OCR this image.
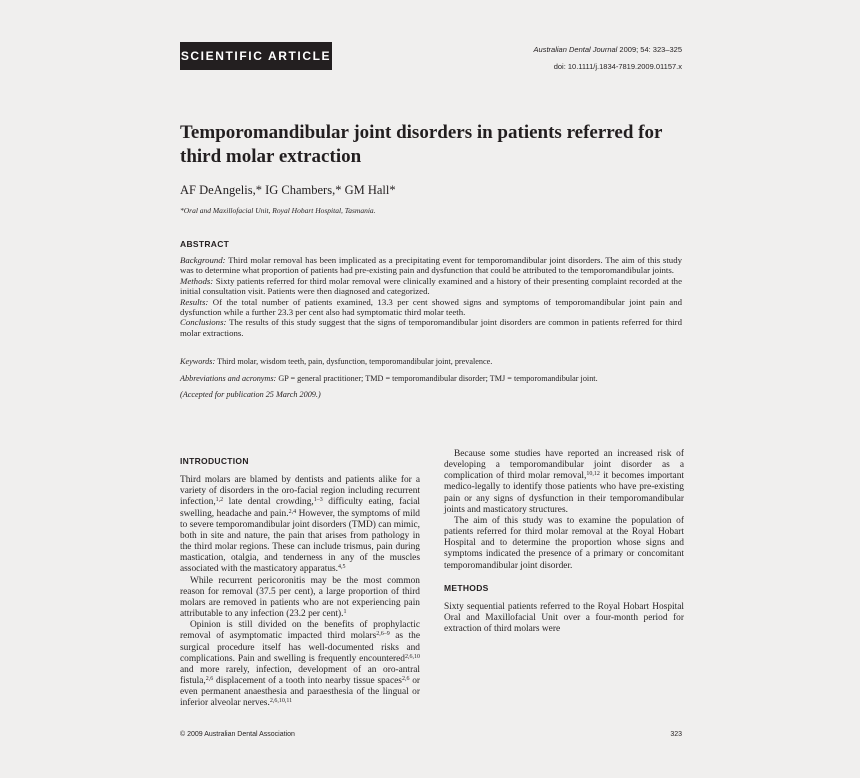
SCIENTIFIC ARTICLE	Australian Dental Journal 2009; 54: 323–325
doi: 10.1111/j.1834-7819.2009.01157.x
Temporomandibular joint disorders in patients referred for third molar extraction
AF DeAngelis,* IG Chambers,* GM Hall*
*Oral and Maxillofacial Unit, Royal Hobart Hospital, Tasmania.
ABSTRACT

Background: Third molar removal has been implicated as a precipitating event for temporomandibular joint disorders. The aim of this study was to determine what proportion of patients had pre-existing pain and dysfunction that could be attributed to the temporomandibular joints.

Methods: Sixty patients referred for third molar removal were clinically examined and a history of their presenting complaint recorded at the initial consultation visit. Patients were then diagnosed and categorized.

Results: Of the total number of patients examined, 13.3 per cent showed signs and symptoms of temporomandibular joint pain and dysfunction while a further 23.3 per cent also had symptomatic third molar teeth.

Conclusions: The results of this study suggest that the signs of temporomandibular joint disorders are common in patients referred for third molar extractions.

Keywords: Third molar, wisdom teeth, pain, dysfunction, temporomandibular joint, prevalence.
Abbreviations and acronyms: GP = general practitioner; TMD = temporomandibular disorder; TMJ = temporomandibular joint.
(Accepted for publication 25 March 2009.)

INTRODUCTION

Third molars are blamed by dentists and patients alike for a variety of disorders in the oro-facial region including recurrent infection,$^{1,2}$ late dental crowding,$^{1-3}$ difficulty eating, facial swelling, headache and pain.$^{2,4}$ However, the symptoms of mild to severe temporomandibular joint disorders (TMD) can mimic, both in site and nature, the pain that arises from pathology in the third molar regions. These can include trismus, pain during mastication, otalgia, and tenderness in any of the muscles associated with the masticatory apparatus.$^{4,5}$

While recurrent pericoronitis may be the most common reason for removal (37.5 per cent), a large proportion of third molars are removed in patients who are not experiencing pain attributable to any infection (23.2 per cent).$^1$

Opinion is still divided on the benefits of prophylactic removal of asymptomatic impacted third molars$^{2,6-9}$ as the surgical procedure itself has well-documented risks and complications. Pain and swelling is frequently encountered$^{2,6,10}$ and more rarely, infection, development of an oro-antral fistula,$^{2,6}$ displacement of a tooth into nearby tissue spaces$^{2,6}$ or even permanent anaesthesia and paraesthesia of the lingual or inferior alveolar nerves.$^{2,6,10,11}$

Because some studies have reported an increased risk of developing a temporomandibular joint disorder as a complication of third molar removal,$^{10,12}$ it becomes important medico-legally to identify those patients who have pre-existing pain or any signs of dysfunction in their temporomandibular joints and masticatory structures.

The aim of this study was to examine the population of patients referred for third molar removal at the Royal Hobart Hospital and to determine the proportion whose signs and symptoms indicated the presence of a primary or concomitant temporomandibular joint disorder.

METHODS

Sixty sequential patients referred to the Royal Hobart Hospital Oral and Maxillofacial Unit over a four-month period for extraction of third molars were

© 2009 Australian Dental Association	323
